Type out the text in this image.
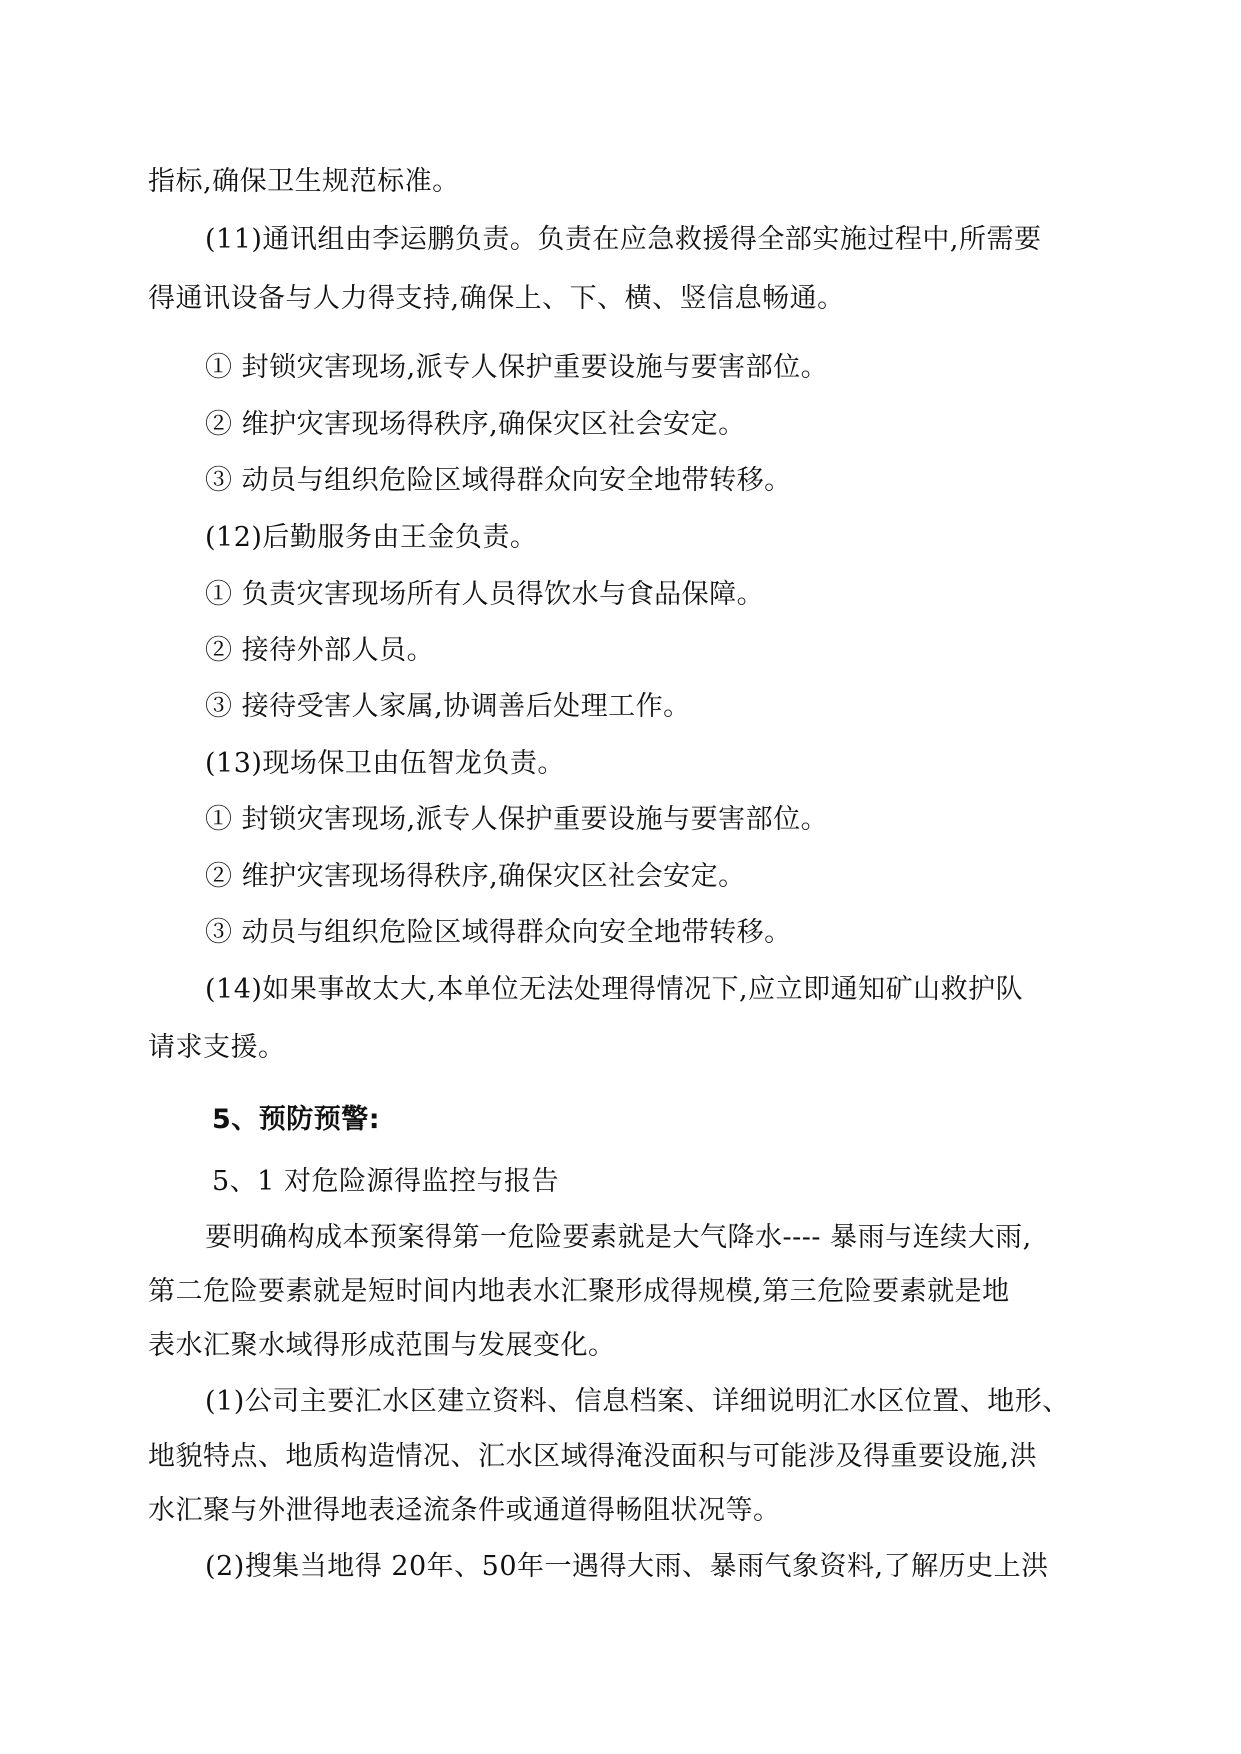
指标,确保卫生规范标准。
(11)通讯组由李运鹏负责。负责在应急救援得全部实施过程中,所需要
得通讯设备与人力得支持,确保上、下、横、竖信息畅通。
① 封锁灾害现场,派专人保护重要设施与要害部位。
② 维护灾害现场得秩序,确保灾区社会安定。
③ 动员与组织危险区域得群众向安全地带转移。
(12)后勤服务由王金负责。
① 负责灾害现场所有人员得饮水与食品保障。
② 接待外部人员。
③ 接待受害人家属,协调善后处理工作。
(13)现场保卫由伍智龙负责。
① 封锁灾害现场,派专人保护重要设施与要害部位。
② 维护灾害现场得秩序,确保灾区社会安定。
③ 动员与组织危险区域得群众向安全地带转移。
(14)如果事故太大,本单位无法处理得情况下,应立即通知矿山救护队
请求支援。
5、预防预警:
5、1 对危险源得监控与报告
要明确构成本预案得第一危险要素就是大气降水---- 暴雨与连续大雨,
第二危险要素就是短时间内地表水汇聚形成得规模,第三危险要素就是地
表水汇聚水域得形成范围与发展变化。
(1)公司主要汇水区建立资料、信息档案、详细说明汇水区位置、地形、
地貌特点、地质构造情况、汇水区域得淹没面积与可能涉及得重要设施,洪
水汇聚与外泄得地表迳流条件或通道得畅阻状况等。
(2)搜集当地得 20年、50年一遇得大雨、暴雨气象资料,了解历史上洪
